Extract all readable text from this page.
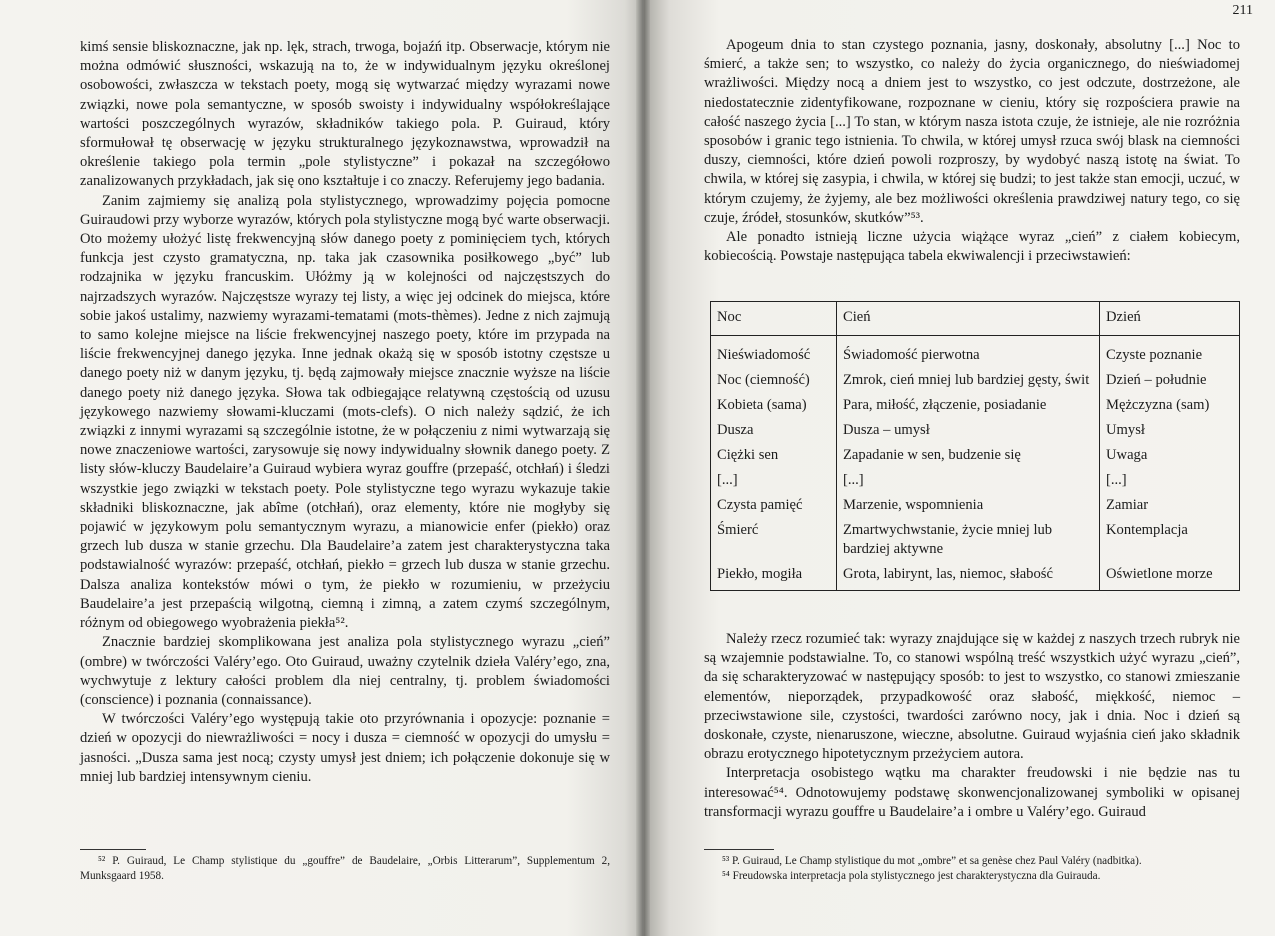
kimś sensie bliskoznaczne, jak np. lęk, strach, trwoga, bojaźń itp. Obserwacje, którym nie można odmówić słuszności, wskazują na to, że w indywidualnym języku określonej osobowości, zwłaszcza w tekstach poety, mogą się wytwarzać między wyrazami nowe związki, nowe pola semantyczne, w sposób swoisty i indywidualny współokreślające wartości poszczególnych wyrazów, składników takiego pola. P. Guiraud, który sformułował tę obserwację w języku strukturalnego językoznawstwa, wprowadził na określenie takiego pola termin „pole stylistyczne” i pokazał na szczegółowo zanalizowanych przykładach, jak się ono kształtuje i co znaczy. Referujemy jego badania.

Zanim zajmiemy się analizą pola stylistycznego, wprowadzimy pojęcia pomocne Guiraudowi przy wyborze wyrazów, których pola stylistyczne mogą być warte obserwacji. Oto możemy ułożyć listę frekwencyjną słów danego poety z pominięciem tych, których funkcja jest czysto gramatyczna, np. taka jak czasownika posiłkowego „być” lub rodzajnika w języku francuskim. Ułóżmy ją w kolejności od najczęstszych do najrzadszych wyrazów. Najczęstsze wyrazy tej listy, a więc jej odcinek do miejsca, które sobie jakoś ustalimy, nazwiemy wyrazami-tematami (mots-thèmes). Jedne z nich zajmują to samo kolejne miejsce na liście frekwencyjnej naszego poety, które im przypada na liście frekwencyjnej danego języka. Inne jednak okażą się w sposób istotny częstsze u danego poety niż w danym języku, tj. będą zajmowały miejsce znacznie wyższe na liście danego poety niż danego języka. Słowa tak odbiegające relatywną częstością od uzusu językowego nazwiemy słowami-kluczami (mots-clefs). O nich należy sądzić, że ich związki z innymi wyrazami są szczególnie istotne, że w połączeniu z nimi wytwarzają się nowe znaczeniowe wartości, zarysowuje się nowy indywidualny słownik danego poety. Z listy słów-kluczy Baudelaire’a Guiraud wybiera wyraz gouffre (przepaść, otchłań) i śledzi wszystkie jego związki w tekstach poety. Pole stylistyczne tego wyrazu wykazuje takie składniki bliskoznaczne, jak abîme (otchłań), oraz elementy, które nie mogłyby się pojawić w językowym polu semantycznym wyrazu, a mianowicie enfer (piekło) oraz grzech lub dusza w stanie grzechu. Dla Baudelaire’a zatem jest charakterystyczna taka podstawialność wyrazów: przepaść, otchłań, piekło = grzech lub dusza w stanie grzechu. Dalsza analiza kontekstów mówi o tym, że piekło w rozumieniu, w przeżyciu Baudelaire’a jest przepaścią wilgotną, ciemną i zimną, a zatem czymś szczególnym, różnym od obiegowego wyobrażenia piekła⁵².

Znacznie bardziej skomplikowana jest analiza pola stylistycznego wyrazu „cień” (ombre) w twórczości Valéry’ego. Oto Guiraud, uważny czytelnik dzieła Valéry’ego, zna, wychwytuje z lektury całości problem dla niej centralny, tj. problem świadomości (conscience) i poznania (connaissance).

W twórczości Valéry’ego występują takie oto przyrównania i opozycje: poznanie = dzień w opozycji do niewrażliwości = nocy i dusza = ciemność w opozycji do umysłu = jasności. „Dusza sama jest nocą; czysty umysł jest dniem; ich połączenie dokonuje się w mniej lub bardziej intensywnym cieniu.

⁵² P. Guiraud, Le Champ stylistique du „gouffre” de Baudelaire, „Orbis Litterarum”, Supplementum 2, Munksgaard 1958.
211

Apogeum dnia to stan czystego poznania, jasny, doskonały, absolutny [...] Noc to śmierć, a także sen; to wszystko, co należy do życia organicznego, do nieświadomej wrażliwości. Między nocą a dniem jest to wszystko, co jest odczute, dostrzeżone, ale niedostatecznie zidentyfikowane, rozpoznane w cieniu, który się rozpościera prawie na całość naszego życia [...] To stan, w którym nasza istota czuje, że istnieje, ale nie rozróżnia sposobów i granic tego istnienia. To chwila, w której umysł rzuca swój blask na ciemności duszy, ciemności, które dzień powoli rozproszy, by wydobyć naszą istotę na świat. To chwila, w której się zasypia, i chwila, w której się budzi; to jest także stan emocji, uczuć, w którym czujemy, że żyjemy, ale bez możliwości określenia prawdziwej natury tego, co się czuje, źródeł, stosunków, skutków”⁵³.

Ale ponadto istnieją liczne użycia wiążące wyraz „cień” z ciałem kobiecym, kobiecością. Powstaje następująca tabela ekwiwalencji i przeciwstawień:

Noc	Cień	Dzień
Nieświadomość	Świadomość pierwotna	Czyste poznanie
Noc (ciemność)	Zmrok, cień mniej lub bardziej gęsty, świt	Dzień – południe
Kobieta (sama)	Para, miłość, złączenie, posiadanie	Mężczyzna (sam)
Dusza	Dusza – umysł	Umysł
Ciężki sen	Zapadanie w sen, budzenie się	Uwaga
[...]	[...]	[...]
Czysta pamięć	Marzenie, wspomnienia	Zamiar
Śmierć	Zmartwychwstanie, życie mniej lub bardziej aktywne	Kontemplacja
Piekło, mogiła	Grota, labirynt, las, niemoc, słabość	Oświetlone morze

Należy rzecz rozumieć tak: wyrazy znajdujące się w każdej z naszych trzech rubryk nie są wzajemnie podstawialne. To, co stanowi wspólną treść wszystkich użyć wyrazu „cień”, da się scharakteryzować w następujący sposób: to jest to wszystko, co stanowi zmieszanie elementów, nieporządek, przypadkowość oraz słabość, miękkość, niemoc – przeciwstawione sile, czystości, twardości zarówno nocy, jak i dnia. Noc i dzień są doskonałe, czyste, nienaruszone, wieczne, absolutne. Guiraud wyjaśnia cień jako składnik obrazu erotycznego hipotetycznym przeżyciem autora.

Interpretacja osobistego wątku ma charakter freudowski i nie będzie nas tu interesować⁵⁴. Odnotowujemy podstawę skonwencjonalizowanej symboliki w opisanej transformacji wyrazu gouffre u Baudelaire’a i ombre u Valéry’ego. Guiraud

⁵³ P. Guiraud, Le Champ stylistique du mot „ombre” et sa genèse chez Paul Valéry (nadbitka).
⁵⁴ Freudowska interpretacja pola stylistycznego jest charakterystyczna dla Guirauda.
